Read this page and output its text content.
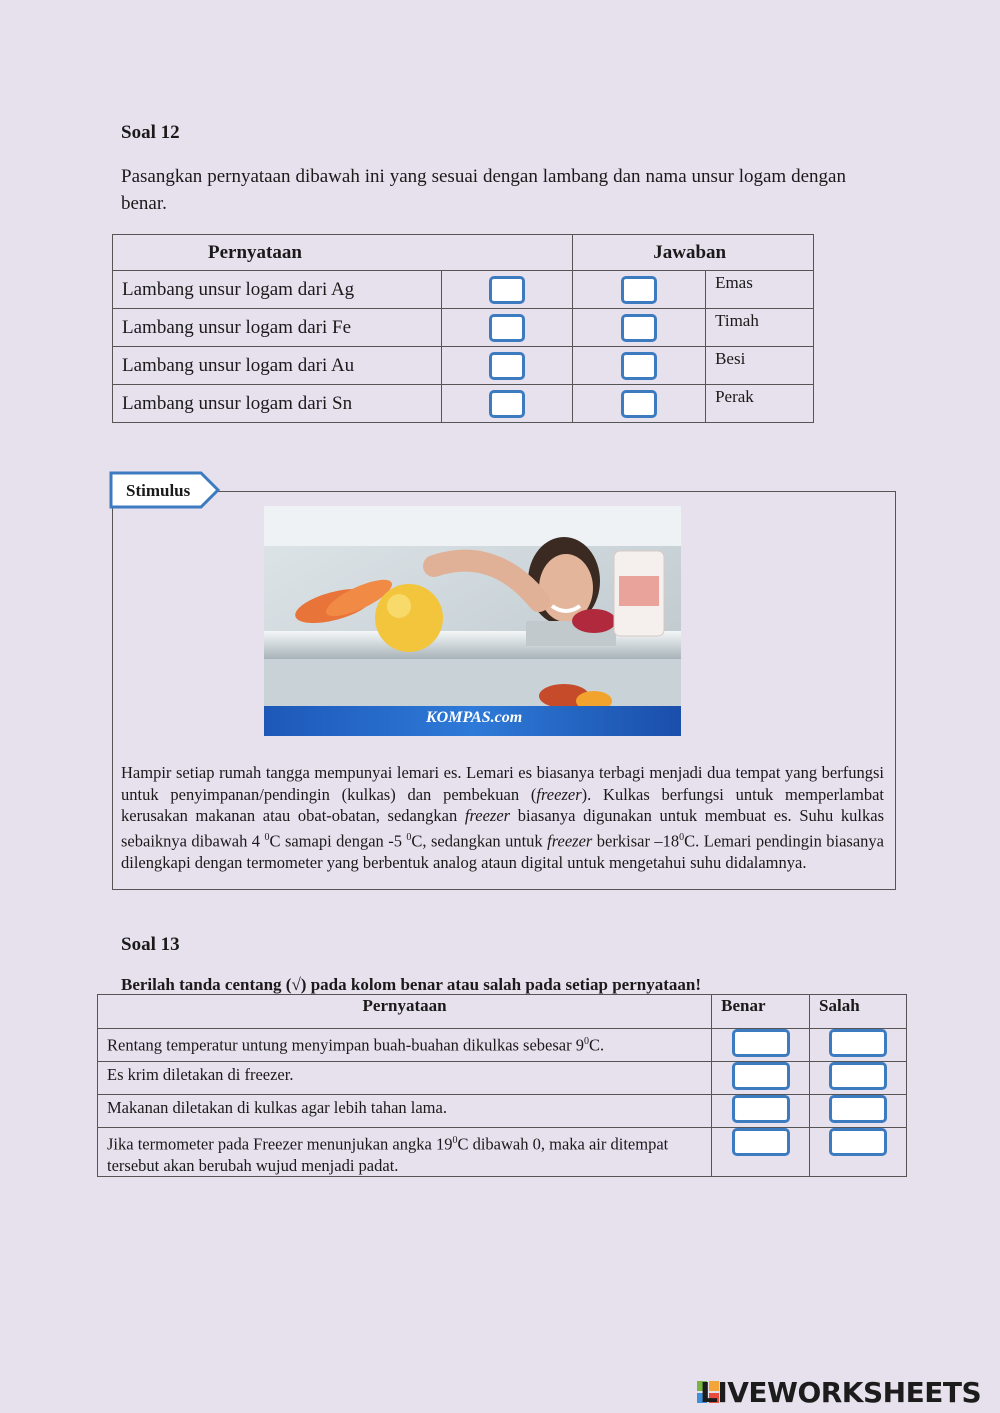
Soal 12
Pasangkan pernyataan dibawah ini yang sesuai dengan lambang dan nama unsur logam dengan benar.
Pernyataan		Jawaban	
Lambang unsur logam dari Ag			Emas
Lambang unsur logam dari Fe			Timah
Lambang unsur logam dari Au			Besi
Lambang unsur logam dari Sn			Perak
Stimulus
KOMPAS.com
Hampir setiap rumah tangga mempunyai lemari es. Lemari es biasanya terbagi menjadi dua tempat yang berfungsi untuk penyimpanan/pendingin (kulkas) dan pembekuan (freezer). Kulkas berfungsi untuk memperlambat kerusakan makanan atau obat-obatan, sedangkan freezer biasanya digunakan untuk membuat es. Suhu kulkas sebaiknya dibawah 4 $^0$C samapi dengan -5 $^0$C, sedangkan untuk freezer berkisar $-18^0C$. Lemari pendingin biasanya dilengkapi dengan termometer yang berbentuk analog ataun digital untuk mengetahui suhu didalamnya.
Soal 13
Berilah tanda centang (√) pada kolom benar atau salah pada setiap pernyataan!
Pernyataan	Benar	Salah
Rentang temperatur untung menyimpan buah-buahan dikulkas sebesar $9^0C$.		
Es krim diletakan di freezer.		
Makanan diletakan di kulkas agar lebih tahan lama.		
Jika termometer pada Freezer menunjukan angka $19^0C$ dibawah 0, maka air ditempat tersebut akan berubah wujud menjadi padat.		
LIVEWORKSHEETS
